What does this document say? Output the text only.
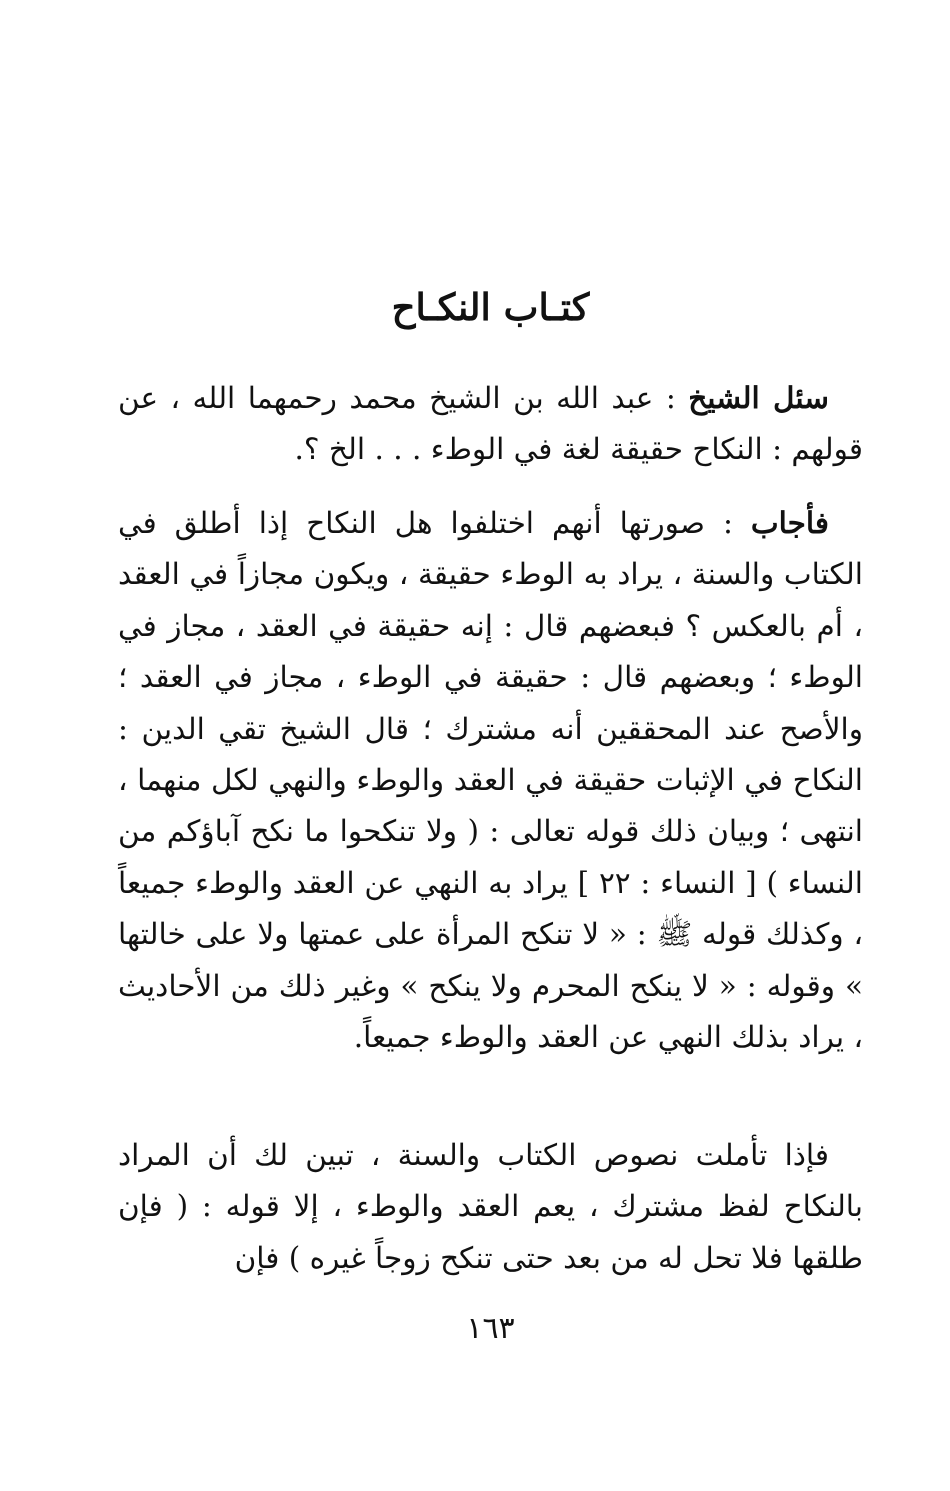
كتـاب النكـاح

سئل الشيخ : عبد الله بن الشيخ محمد رحمهما الله ، عن قولهم : النكاح حقيقة لغة في الوطء . . . الخ ؟.

فأجاب : صورتها أنهم اختلفوا هل النكاح إذا أطلق في الكتاب والسنة ، يراد به الوطء حقيقة ، ويكون مجازاً في العقد ، أم بالعكس ؟ فبعضهم قال : إنه حقيقة في العقد ، مجاز في الوطء ؛ وبعضهم قال : حقيقة في الوطء ، مجاز في العقد ؛ والأصح عند المحققين أنه مشترك ؛ قال الشيخ تقي الدين : النكاح في الإثبات حقيقة في العقد والوطء والنهي لكل منهما ، انتهى ؛ وبيان ذلك قوله تعالى : ( ولا تنكحوا ما نكح آباؤكم من النساء ) [ النساء : ٢٢ ] يراد به النهي عن العقد والوطء جميعاً ، وكذلك قوله ﷺ : « لا تنكح المرأة على عمتها ولا على خالتها » وقوله : « لا ينكح المحرم ولا ينكح » وغير ذلك من الأحاديث ، يراد بذلك النهي عن العقد والوطء جميعاً.

فإذا تأملت نصوص الكتاب والسنة ، تبين لك أن المراد بالنكاح لفظ مشترك ، يعم العقد والوطء ، إلا قوله : ( فإن طلقها فلا تحل له من بعد حتى تنكح زوجاً غيره ) فإن

١٦٣
